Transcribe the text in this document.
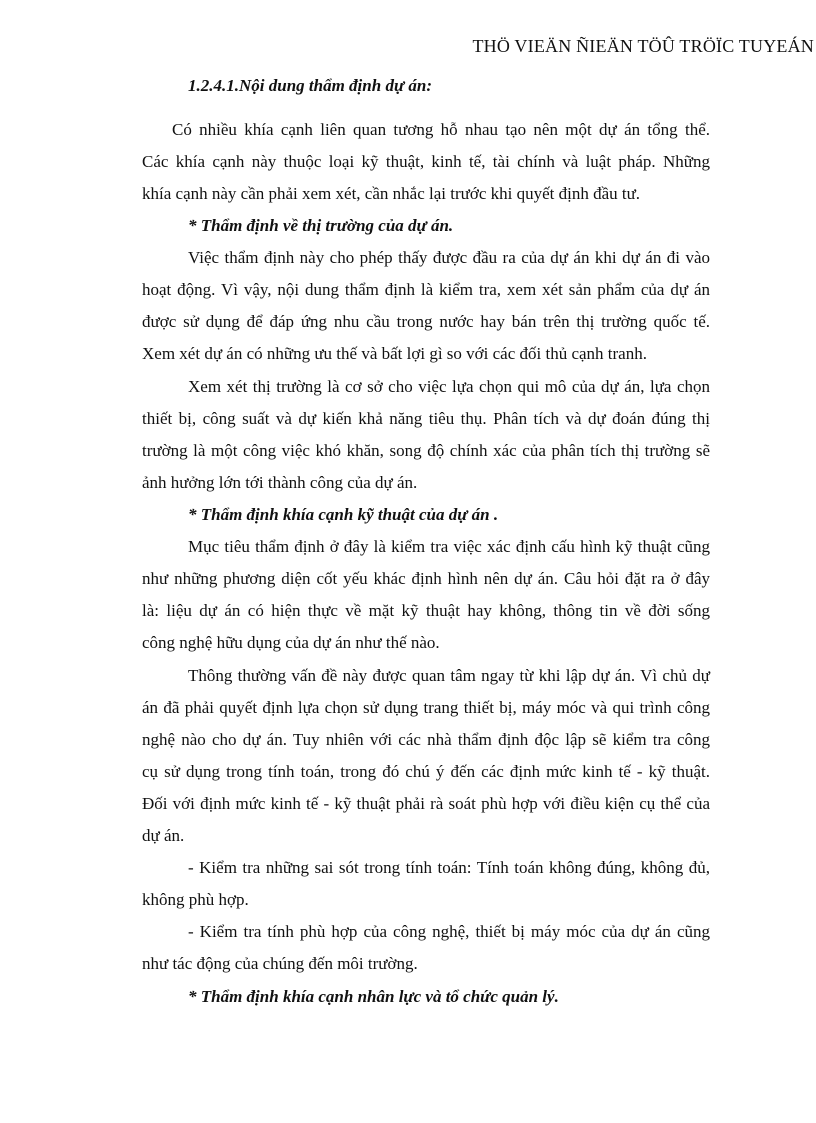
THÖ VIEÄN ÑIEÄN TÖÛ TRÖÏC TUYEÁN
1.2.4.1.Nội dung thẩm định dự án:
Có nhiều khía cạnh liên quan tương hỗ nhau tạo nên một dự án tổng thể.
Các khía cạnh này thuộc loại kỹ thuật, kinh tế, tài chính và luật pháp. Những
khía cạnh này cần phải xem xét, cần nhắc lại trước khi quyết định đầu tư.
* Thẩm định về thị trường của dự án.
Việc thẩm định này cho phép thấy được đầu ra của dự án khi dự án đi vào
hoạt động. Vì vậy, nội dung thẩm định là kiểm tra, xem xét sản phẩm của dự án
được sử dụng để đáp ứng nhu cầu trong nước hay bán trên thị trường quốc tế.
Xem xét dự án có những ưu thế và bất lợi gì so với các đối thủ cạnh tranh.
Xem xét thị trường là cơ sở cho việc lựa chọn qui mô của dự án, lựa chọn
thiết bị, công suất và dự kiến khả năng tiêu thụ. Phân tích và dự đoán đúng thị
trường là một công việc khó khăn, song độ chính xác của phân tích thị trường sẽ
ảnh hưởng lớn tới thành công của dự án.
* Thẩm định khía cạnh kỹ thuật của dự án .
Mục tiêu thẩm định ở đây là kiểm tra việc xác định cấu hình kỹ thuật cũng
như những phương diện cốt yếu khác định hình nên dự án. Câu hỏi đặt ra ở đây
là: liệu dự án có hiện thực về mặt kỹ thuật hay không, thông tin về đời sống
công nghệ hữu dụng của dự án như thế nào.
Thông thường vấn đề này được quan tâm ngay từ khi lập dự án. Vì chủ dự
án đã phải quyết định lựa chọn sử dụng trang thiết bị, máy móc và qui trình công
nghệ nào cho dự án. Tuy nhiên với các nhà thẩm định độc lập sẽ kiểm tra công
cụ sử dụng trong tính toán, trong đó chú ý đến các định mức kinh tế - kỹ thuật.
Đối với định mức kinh tế - kỹ thuật phải rà soát phù hợp với điều kiện cụ thể của
dự án.
- Kiểm tra những sai sót trong tính toán: Tính toán không đúng, không đủ,
không phù hợp.
- Kiểm tra tính phù hợp của công nghệ, thiết bị máy móc của dự án cũng
như tác động của chúng đến môi trường.
* Thẩm định khía cạnh nhân lực và tổ chức quản lý.
